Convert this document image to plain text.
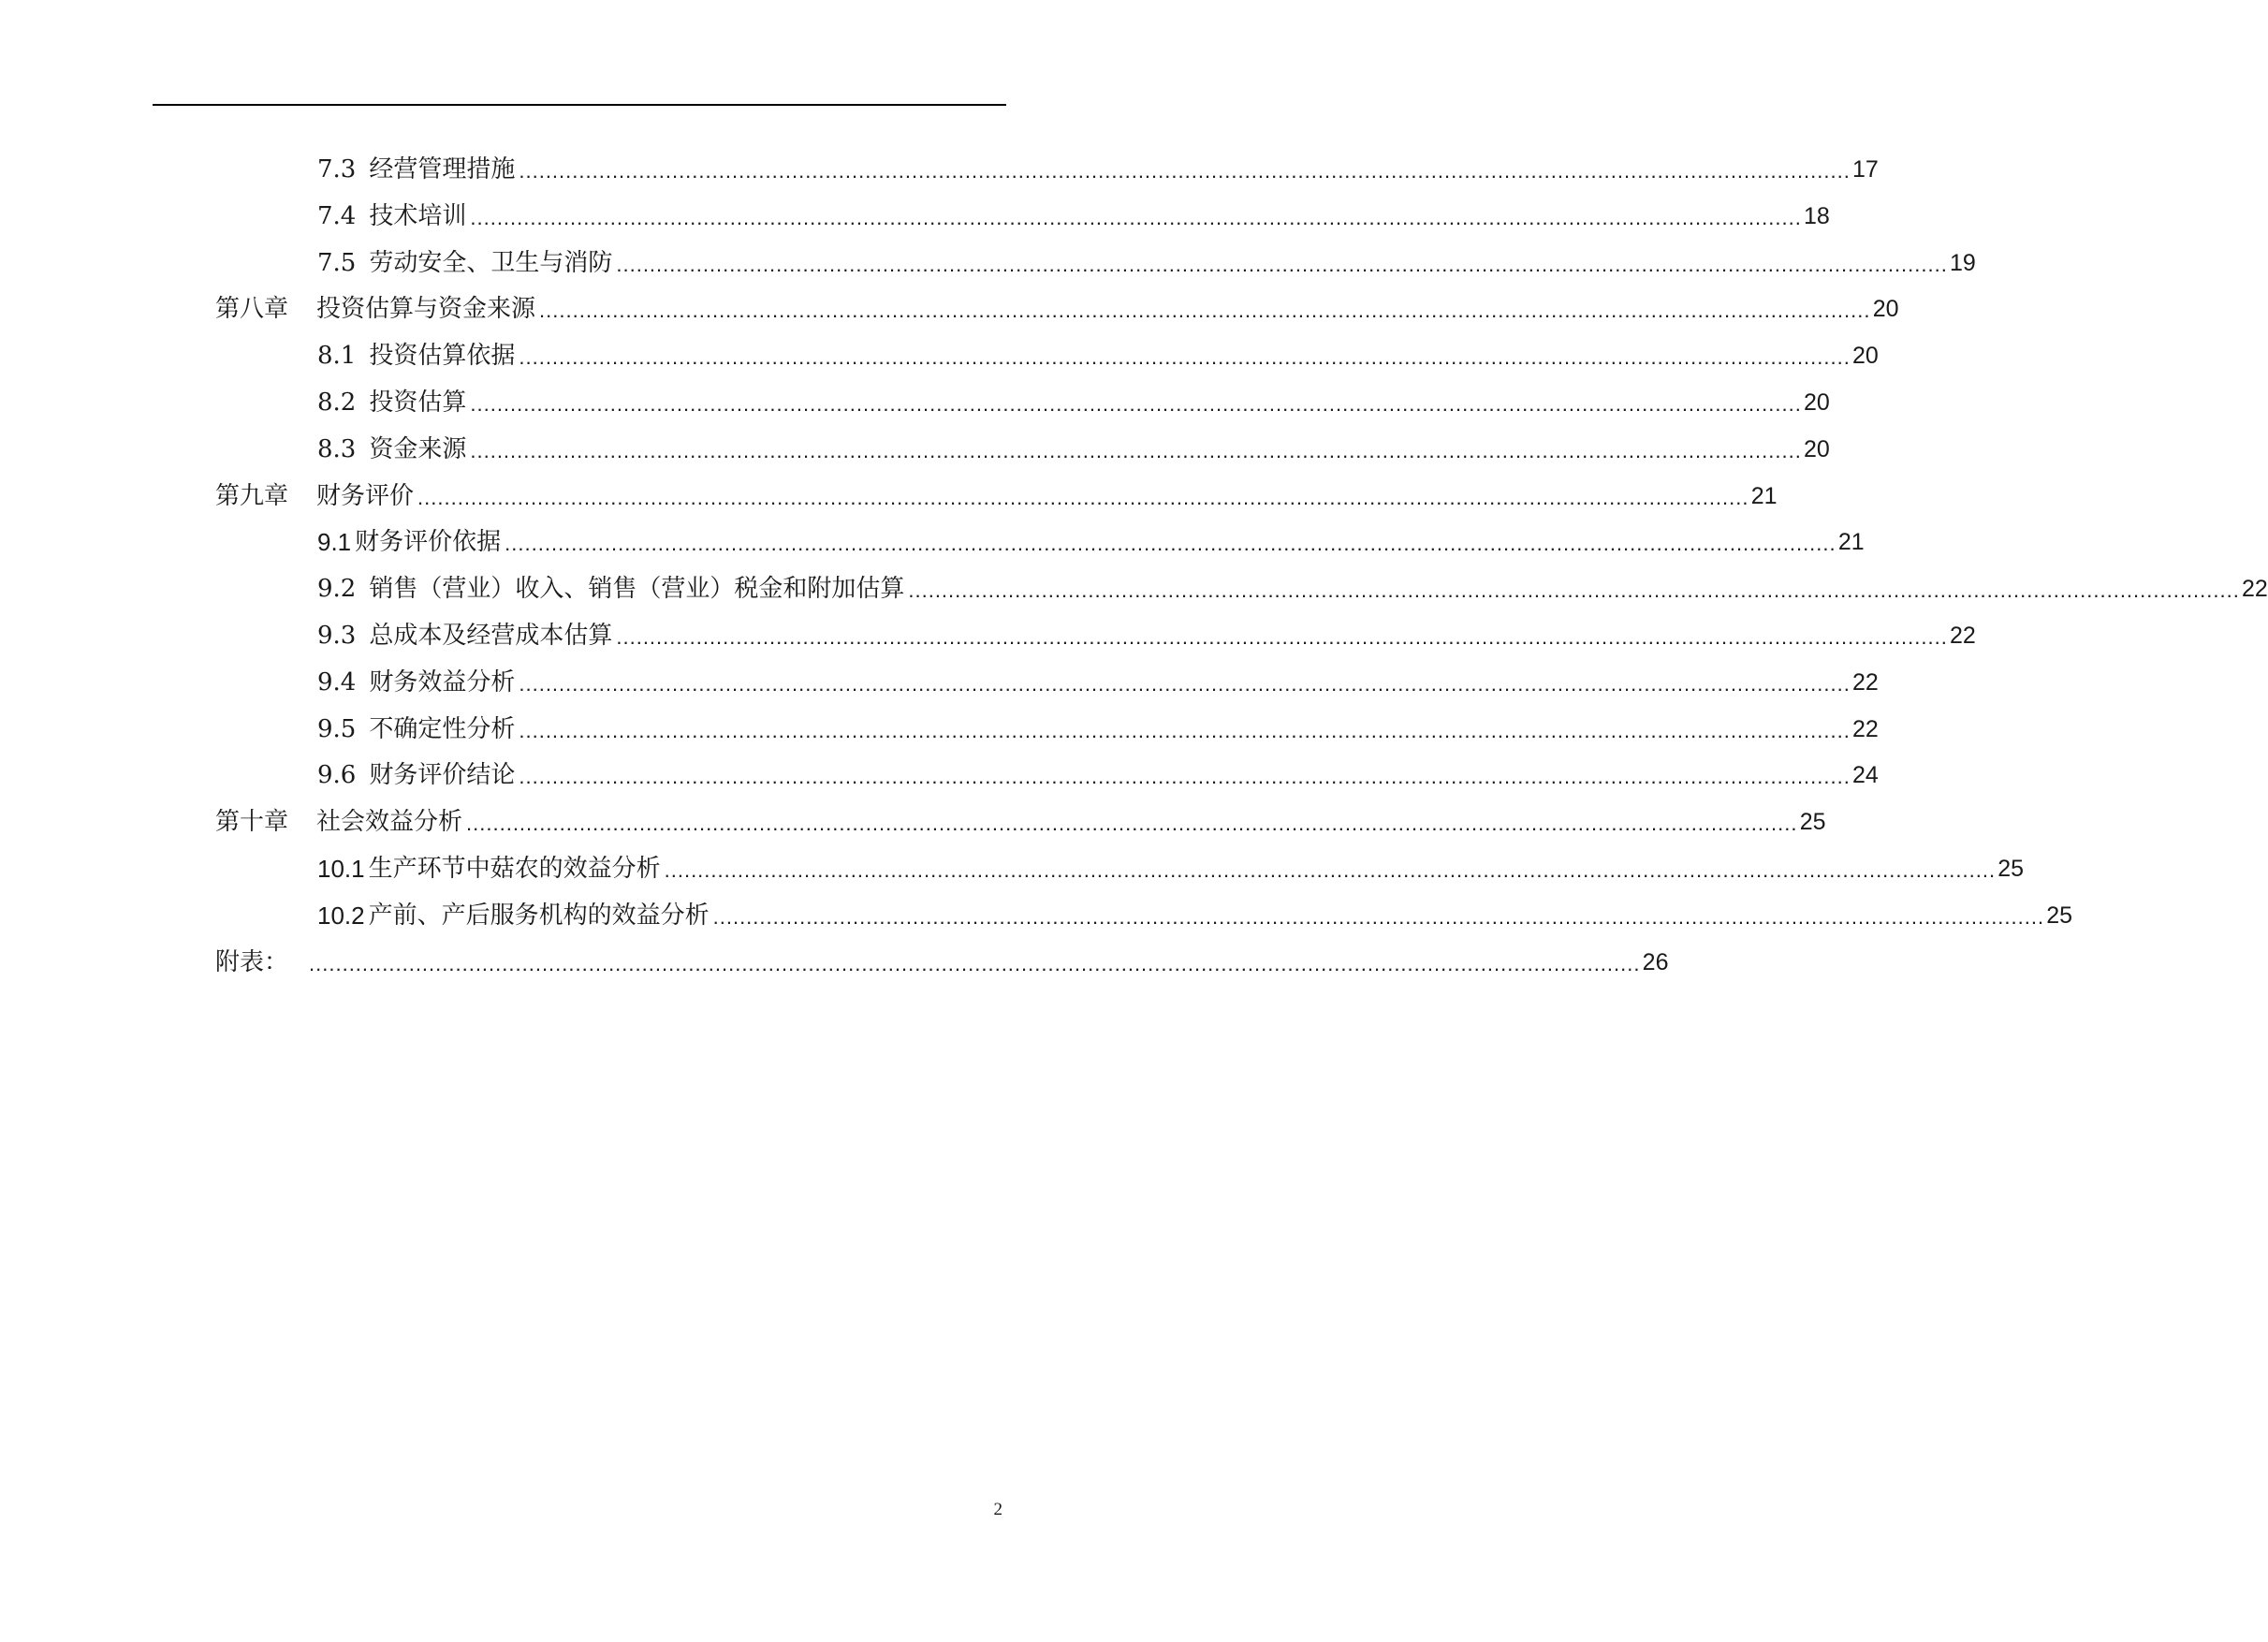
7.3 经营管理措施 ........................................................................................................................................................................................................ 17
7.4 技术培训 ........................................................................................................................................................................................................ 18
7.5 劳动安全、卫生与消防 ........................................................................................................................................................................................................ 19
第八章 投资估算与资金来源 ........................................................................................................................................................................................................ 20
8.1 投资估算依据 ........................................................................................................................................................................................................ 20
8.2 投资估算 ........................................................................................................................................................................................................ 20
8.3 资金来源 ........................................................................................................................................................................................................ 20
第九章 财务评价 ........................................................................................................................................................................................................ 21
9.1 财务评价依据 ........................................................................................................................................................................................................ 21
9.2 销售（营业）收入、销售（营业）税金和附加估算 ........................................................................................................................................................................................................ 22
9.3 总成本及经营成本估算 ........................................................................................................................................................................................................ 22
9.4 财务效益分析 ........................................................................................................................................................................................................ 22
9.5 不确定性分析 ........................................................................................................................................................................................................ 22
9.6 财务评价结论 ........................................................................................................................................................................................................ 24
第十章 社会效益分析 ........................................................................................................................................................................................................ 25
10.1 生产环节中菇农的效益分析 ........................................................................................................................................................................................................ 25
10.2 产前、产后服务机构的效益分析 ........................................................................................................................................................................................................ 25
附表： ........................................................................................................................................................................................................ 26
2
